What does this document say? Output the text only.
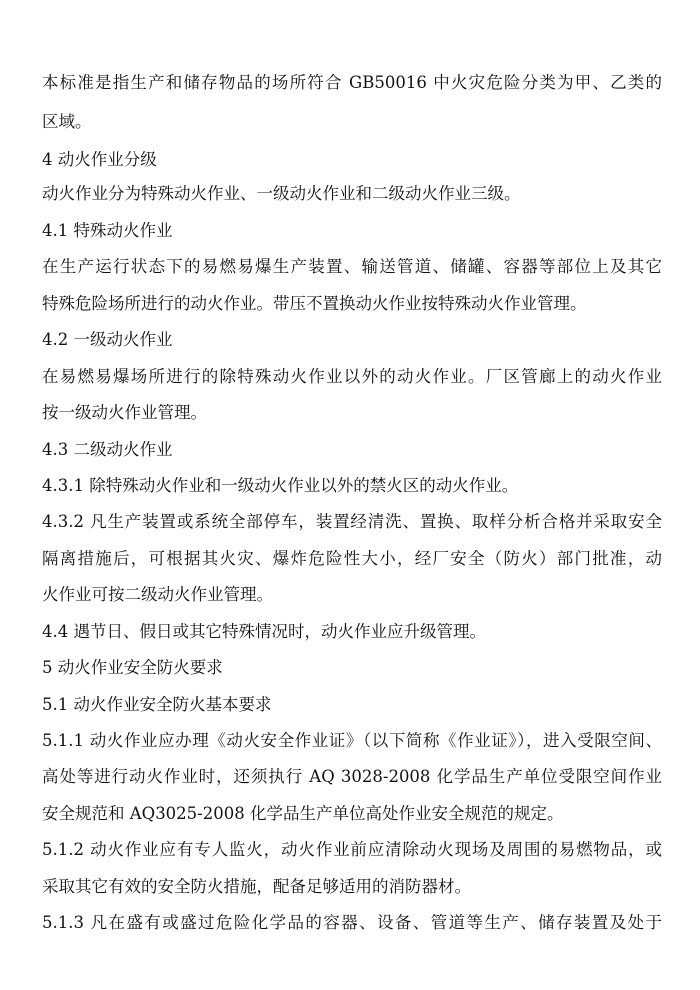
本标准是指生产和储存物品的场所符合 GB50016 中火灾危险分类为甲、乙类的
区域。
4 动火作业分级
动火作业分为特殊动火作业、一级动火作业和二级动火作业三级。
4.1 特殊动火作业
在生产运行状态下的易燃易爆生产装置、输送管道、储罐、容器等部位上及其它
特殊危险场所进行的动火作业。带压不置换动火作业按特殊动火作业管理。
4.2 一级动火作业
在易燃易爆场所进行的除特殊动火作业以外的动火作业。厂区管廊上的动火作业
按一级动火作业管理。
4.3 二级动火作业
4.3.1 除特殊动火作业和一级动火作业以外的禁火区的动火作业。
4.3.2 凡生产装置或系统全部停车，装置经清洗、置换、取样分析合格并采取安全
隔离措施后，可根据其火灾、爆炸危险性大小，经厂安全（防火）部门批准，动
火作业可按二级动火作业管理。
4.4 遇节日、假日或其它特殊情况时，动火作业应升级管理。
5 动火作业安全防火要求
5.1 动火作业安全防火基本要求
5.1.1 动火作业应办理《动火安全作业证》（以下简称《作业证》），进入受限空间、
高处等进行动火作业时，还须执行 AQ 3028-2008 化学品生产单位受限空间作业
安全规范和 AQ3025-2008 化学品生产单位高处作业安全规范的规定。
5.1.2 动火作业应有专人监火，动火作业前应清除动火现场及周围的易燃物品，或
采取其它有效的安全防火措施，配备足够适用的消防器材。
5.1.3 凡在盛有或盛过危险化学品的容器、设备、管道等生产、储存装置及处于
